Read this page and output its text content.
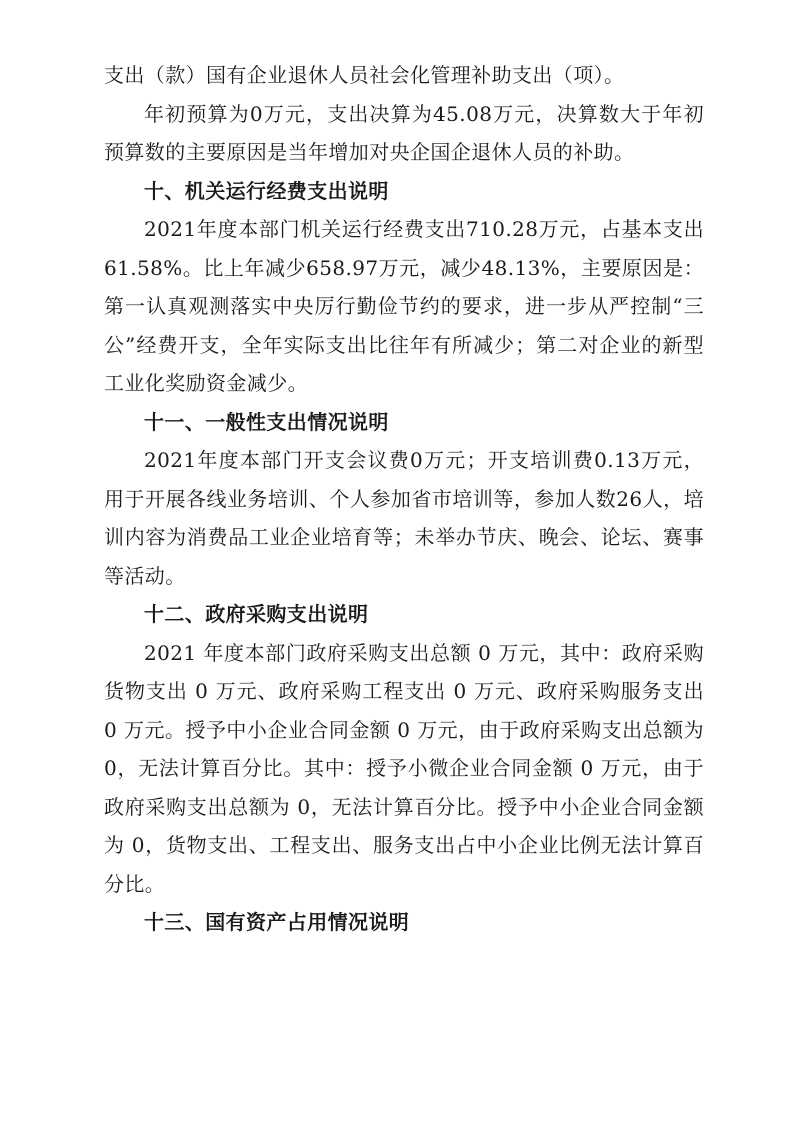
支出（款）国有企业退休人员社会化管理补助支出（项）。

年初预算为0万元，支出决算为45.08万元，决算数大于年初预算数的主要原因是当年增加对央企国企退休人员的补助。

十、机关运行经费支出说明

2021年度本部门机关运行经费支出710.28万元，占基本支出61.58%。比上年减少658.97万元，减少48.13%，主要原因是：第一认真观测落实中央厉行勤俭节约的要求，进一步从严控制“三公”经费开支，全年实际支出比往年有所减少；第二对企业的新型工业化奖励资金减少。

十一、一般性支出情况说明

2021年度本部门开支会议费0万元；开支培训费0.13万元，用于开展各线业务培训、个人参加省市培训等，参加人数26人，培训内容为消费品工业企业培育等；未举办节庆、晚会、论坛、赛事等活动。

十二、政府采购支出说明

2021 年度本部门政府采购支出总额 0 万元，其中：政府采购货物支出 0 万元、政府采购工程支出 0 万元、政府采购服务支出 0 万元。授予中小企业合同金额 0 万元，由于政府采购支出总额为 0，无法计算百分比。其中：授予小微企业合同金额 0 万元，由于政府采购支出总额为 0，无法计算百分比。授予中小企业合同金额为 0，货物支出、工程支出、服务支出占中小企业比例无法计算百分比。

十三、国有资产占用情况说明
